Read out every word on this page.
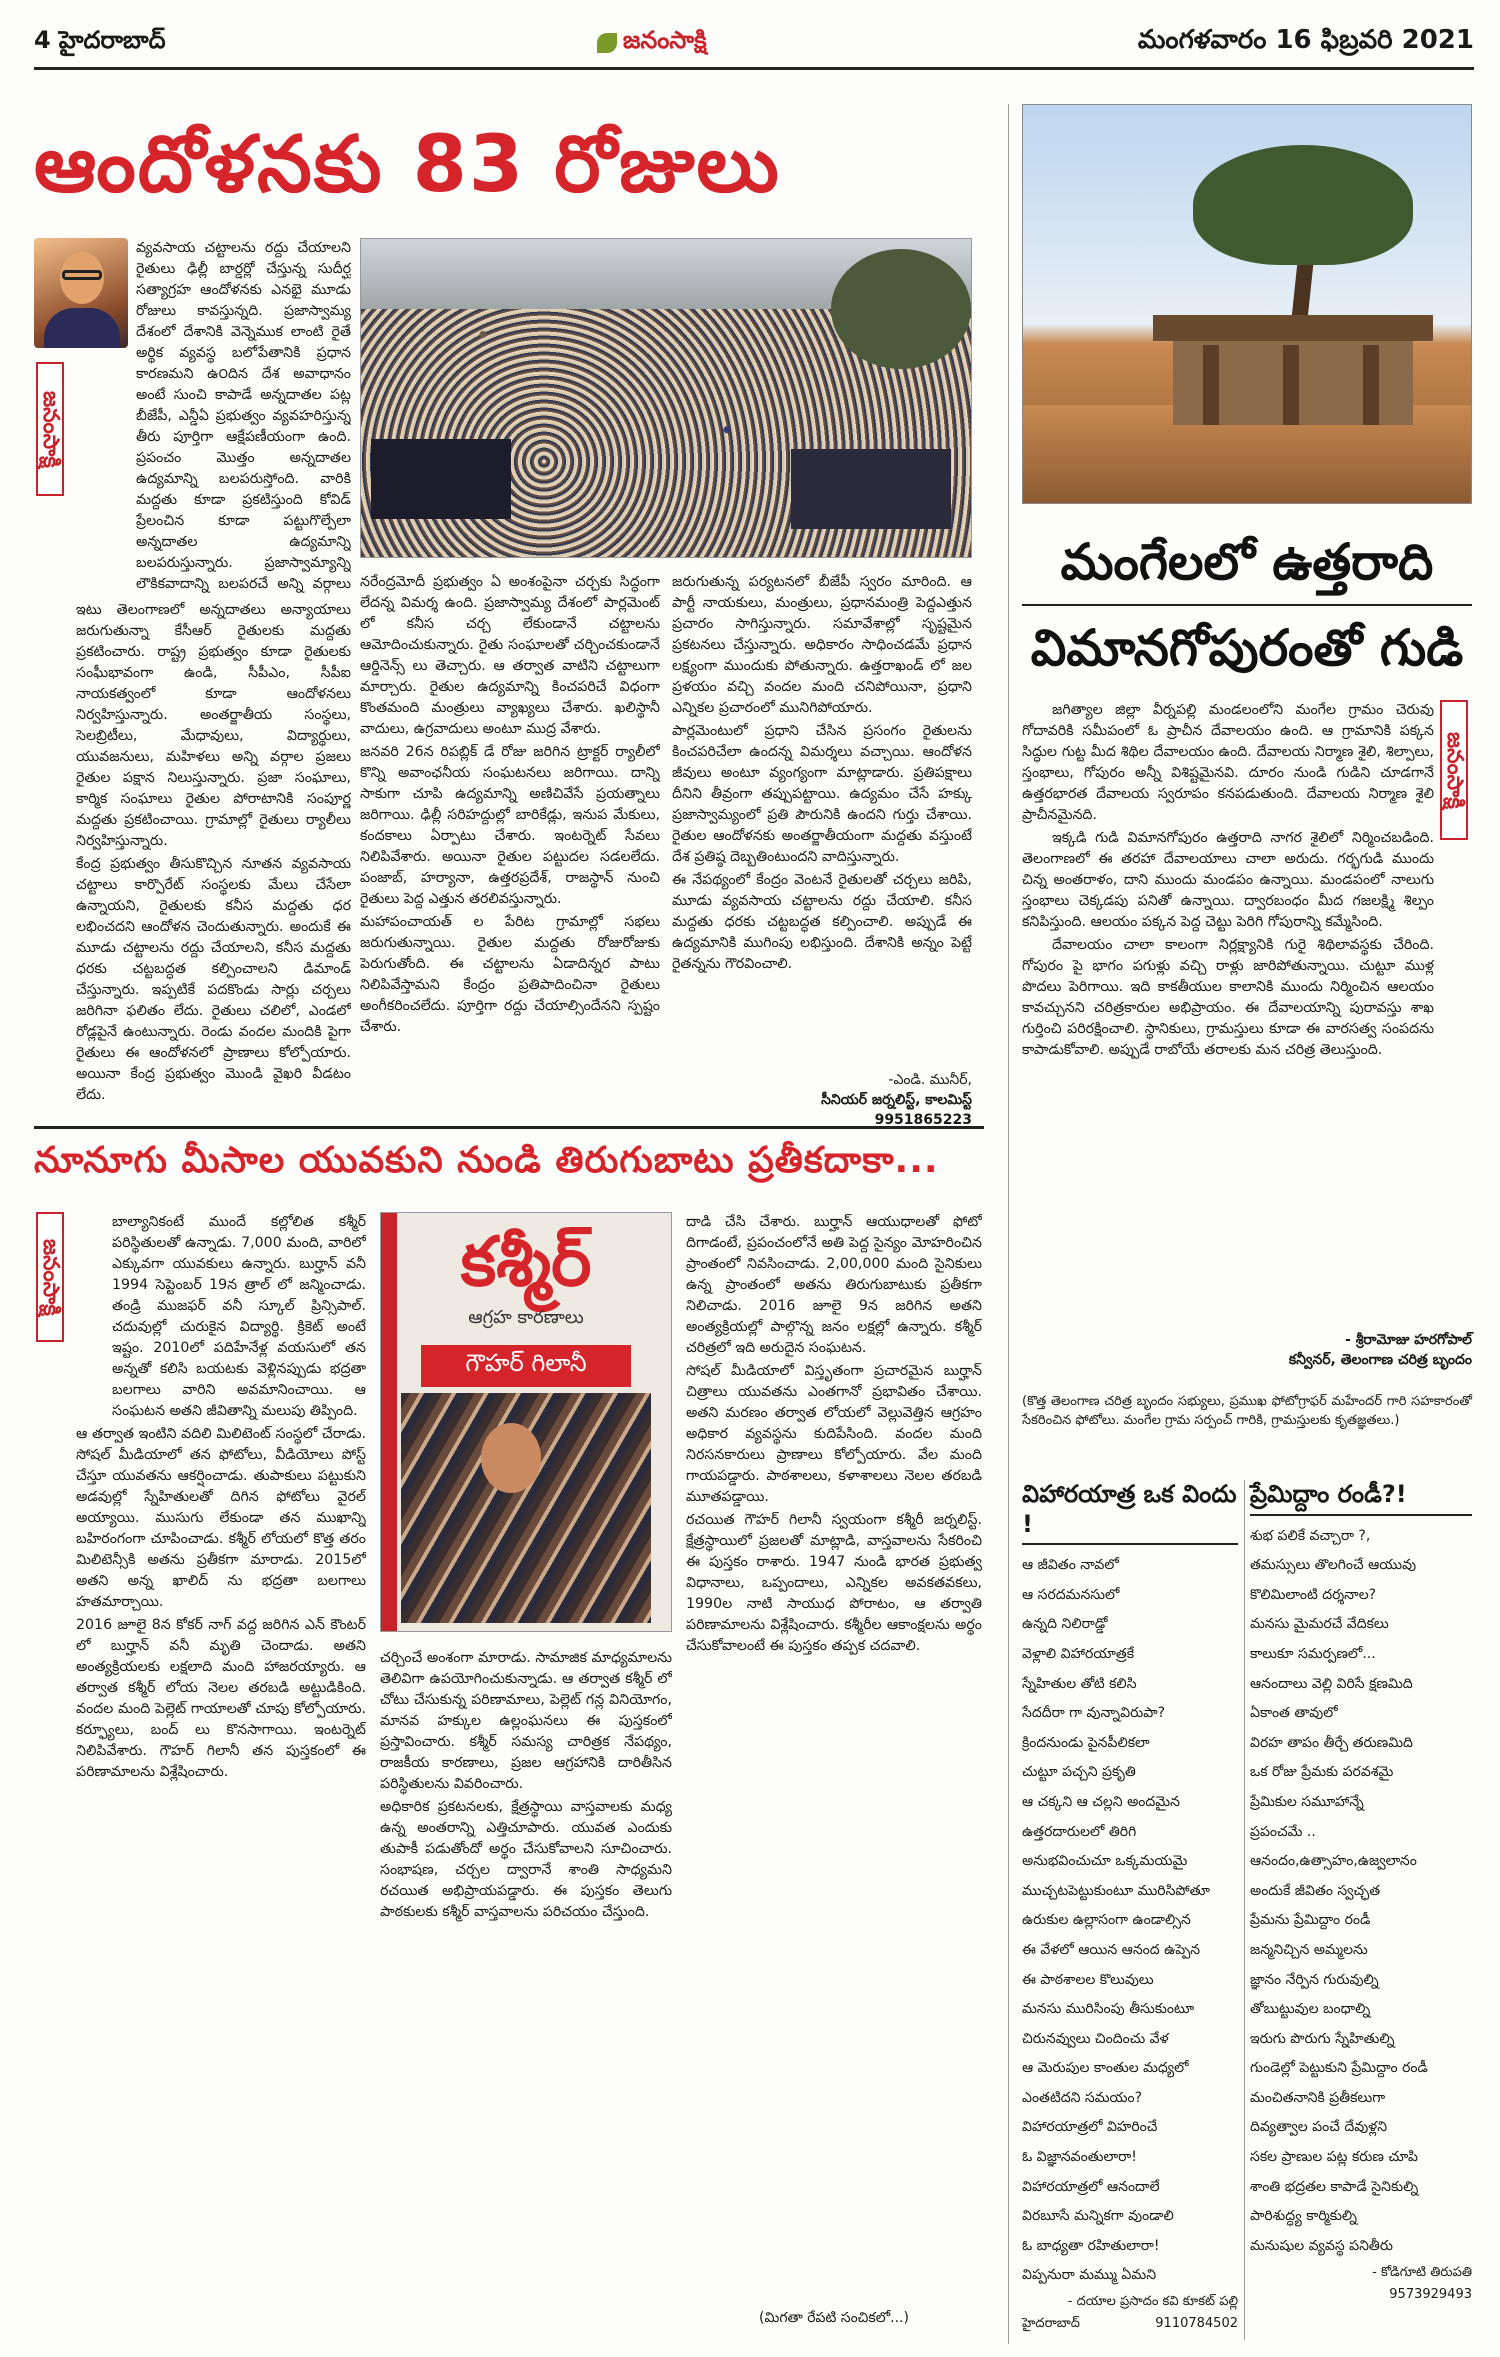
4 హైదరాబాద్	జనంసాక్షి	మంగళవారం 16 ఫిబ్రవరి 2021
ఆందోళనకు 83 రోజులు
జనంసాక్షి

వ్యవసాయ చట్టాలను రద్దు చేయాలని రైతులు ఢిల్లీ బార్డర్లో చేస్తున్న సుదీర్ఘ సత్యాగ్రహ ఆందోళనకు ఎనభై మూడు రోజులు కావస్తున్నది. ప్రజాస్వామ్య దేశంలో దేశానికి వెన్నెముక లాంటి రైతే అర్థిక వ్యవస్థ బలోపేతానికి ప్రధాన కారణమని ఉ౦దిన దేశ అవాధానం అంటే సుంచి కాపాడే అన్నదాతల పట్ల బీజేపీ, ఎన్డీఏ ప్రభుత్వం వ్యవహరిస్తున్న తీరు పూర్తిగా ఆక్షేపణీయంగా ఉంది. ప్రపంచం మొత్తం అన్నదాతల ఉద్యమాన్ని బలపరుస్తోంది. వారికి మద్దతు కూడా ప్రకటిస్తుంది కోవిడ్ ప్రేలంచిన కూడా పట్టుగొల్పేలా అన్నదాతల ఉద్యమాన్ని బలపరుస్తున్నారు. ప్రజాస్వామ్యాన్ని లౌకికవాదాన్ని బలపరచే అన్ని వర్గాలు

ఇటు తెలంగాణలో అన్నదాతలు అన్యాయాలు జరుగుతున్నా కేసీఆర్ రైతులకు మద్దతు ప్రకటించారు. రాష్ట్ర ప్రభుత్వం కూడా రైతులకు సంఘీభావంగా ఉండి, సీపీఎం, సీపీఐ నాయకత్వంలో కూడా ఆందోళనలు నిర్వహిస్తున్నారు. అంతర్జాతీయ సంస్థలు, సెలబ్రిటీలు, మేధావులు, విద్యార్థులు, యువజనులు, మహిళలు అన్ని వర్గాల ప్రజలు రైతుల పక్షాన నిలుస్తున్నారు. ప్రజా సంఘాలు, కార్మిక సంఘాలు రైతుల పోరాటానికి సంపూర్ణ మద్దతు ప్రకటించాయి. గ్రామాల్లో రైతులు ర్యాలీలు నిర్వహిస్తున్నారు.

కేంద్ర ప్రభుత్వం తీసుకొచ్చిన నూతన వ్యవసాయ చట్టాలు కార్పొరేట్ సంస్థలకు మేలు చేసేలా ఉన్నాయని, రైతులకు కనీస మద్దతు ధర లభించదని ఆందోళన చెందుతున్నారు. అందుకే ఈ మూడు చట్టాలను రద్దు చేయాలని, కనీస మద్దతు ధరకు చట్టబద్ధత కల్పించాలని డిమాండ్ చేస్తున్నారు. ఇప్పటికే పదకొండు సార్లు చర్చలు జరిగినా ఫలితం లేదు. రైతులు చలిలో, ఎండలో రోడ్లపైనే ఉంటున్నారు. రెండు వందల మందికి పైగా రైతులు ఈ ఆందోళనలో ప్రాణాలు కోల్పోయారు. అయినా కేంద్ర ప్రభుత్వం మొండి వైఖరి వీడటం లేదు.

నరేంద్రమోదీ ప్రభుత్వం ఏ అంశంపైనా చర్చకు సిద్ధంగా లేదన్న విమర్శ ఉంది. ప్రజాస్వామ్య దేశంలో పార్లమెంట్ లో కనీస చర్చ లేకుండానే చట్టాలను ఆమోదించుకున్నారు. రైతు సంఘాలతో చర్చించకుండానే ఆర్డినెన్స్ లు తెచ్చారు. ఆ తర్వాత వాటిని చట్టాలుగా మార్చారు. రైతుల ఉద్యమాన్ని కించపరిచే విధంగా కొంతమంది మంత్రులు వ్యాఖ్యలు చేశారు. ఖలిస్థానీ వాదులు, ఉగ్రవాదులు అంటూ ముద్ర వేశారు.

జనవరి 26న రిపబ్లిక్ డే రోజు జరిగిన ట్రాక్టర్ ర్యాలీలో కొన్ని అవాంఛనీయ సంఘటనలు జరిగాయి. దాన్ని సాకుగా చూపి ఉద్యమాన్ని అణిచివేసే ప్రయత్నాలు జరిగాయి. ఢిల్లీ సరిహద్దుల్లో బారికేడ్లు, ఇనుప మేకులు, కందకాలు ఏర్పాటు చేశారు. ఇంటర్నెట్ సేవలు నిలిపివేశారు. అయినా రైతుల పట్టుదల సడలలేదు. పంజాబ్, హర్యానా, ఉత్తరప్రదేశ్, రాజస్థాన్ నుంచి రైతులు పెద్ద ఎత్తున తరలివస్తున్నారు.

మహాపంచాయత్ ల పేరిట గ్రామాల్లో సభలు జరుగుతున్నాయి. రైతుల మద్దతు రోజురోజుకు పెరుగుతోంది. ఈ చట్టాలను ఏడాదిన్నర పాటు నిలిపివేస్తామని కేంద్రం ప్రతిపాదించినా రైతులు అంగీకరించలేదు. పూర్తిగా రద్దు చేయాల్సిందేనని స్పష్టం చేశారు.

జరుగుతున్న పర్యటనలో బీజేపీ స్వరం మారింది. ఆ పార్టీ నాయకులు, మంత్రులు, ప్రధానమంత్రి పెద్దఎత్తున ప్రచారం సాగిస్తున్నారు. సమావేశాల్లో సృష్టమైన ప్రకటనలు చేస్తున్నారు. అధికారం సాధించడమే ప్రధాన లక్ష్యంగా ముందుకు పోతున్నారు. ఉత్తరాఖండ్ లో జల ప్రళయం వచ్చి వందల మంది చనిపోయినా, ప్రధాని ఎన్నికల ప్రచారంలో మునిగిపోయారు.

పార్లమెంటులో ప్రధాని చేసిన ప్రసంగం రైతులను కించపరిచేలా ఉందన్న విమర్శలు వచ్చాయి. ఆందోళన జీవులు అంటూ వ్యంగ్యంగా మాట్లాడారు. ప్రతిపక్షాలు దీనిని తీవ్రంగా తప్పుపట్టాయి. ఉద్యమం చేసే హక్కు ప్రజాస్వామ్యంలో ప్రతి పౌరునికి ఉందని గుర్తు చేశాయి. రైతుల ఆందోళనకు అంతర్జాతీయంగా మద్దతు వస్తుంటే దేశ ప్రతిష్ఠ దెబ్బతింటుందని వాదిస్తున్నారు.

ఈ నేపథ్యంలో కేంద్రం వెంటనే రైతులతో చర్చలు జరిపి, మూడు వ్యవసాయ చట్టాలను రద్దు చేయాలి. కనీస మద్దతు ధరకు చట్టబద్ధత కల్పించాలి. అప్పుడే ఈ ఉద్యమానికి ముగింపు లభిస్తుంది. దేశానికి అన్నం పెట్టే రైతన్నను గౌరవించాలి.

-ఎండి. మునీర్,
సీనియర్ జర్నలిస్ట్, కాలమిస్ట్
9951865223
మంగేలలో ఉత్తరాది
విమానగోపురంతో గుడి
జనంసాక్షి

జగిత్యాల జిల్లా వీర్నపల్లి మండలంలోని మంగేల గ్రామం చెరువు గోదావరికి సమీపంలో ఓ ప్రాచీన దేవాలయం ఉంది. ఆ గ్రామానికి పక్కన సిద్ధుల గుట్ట మీద శిథిల దేవాలయం ఉంది. దేవాలయ నిర్మాణ శైలి, శిల్పాలు, స్తంభాలు, గోపురం అన్నీ విశిష్టమైనవి. దూరం నుండి గుడిని చూడగానే ఉత్తరభారత దేవాలయ స్వరూపం కనపడుతుంది. దేవాలయ నిర్మాణ శైలి ప్రాచీనమైనది.

ఇక్కడి గుడి విమానగోపురం ఉత్తరాది నాగర శైలిలో నిర్మించబడింది. తెలంగాణలో ఈ తరహా దేవాలయాలు చాలా అరుదు. గర్భగుడి ముందు చిన్న అంతరాళం, దాని ముందు మండపం ఉన్నాయి. మండపంలో నాలుగు స్తంభాలు చెక్కడపు పనితో ఉన్నాయి. ద్వారబంధం మీద గజలక్ష్మి శిల్పం కనిపిస్తుంది. ఆలయం పక్కన పెద్ద చెట్టు పెరిగి గోపురాన్ని కమ్మేసింది.

దేవాలయం చాలా కాలంగా నిర్లక్ష్యానికి గురై శిథిలావస్థకు చేరింది. గోపురం పై భాగం పగుళ్లు వచ్చి రాళ్లు జారిపోతున్నాయి. చుట్టూ ముళ్ల పొదలు పెరిగాయి. ఇది కాకతీయుల కాలానికి ముందు నిర్మించిన ఆలయం కావచ్చునని చరిత్రకారుల అభిప్రాయం. ఈ దేవాలయాన్ని పురావస్తు శాఖ గుర్తించి పరిరక్షించాలి. స్థానికులు, గ్రామస్తులు కూడా ఈ వారసత్వ సంపదను కాపాడుకోవాలి. అప్పుడే రాబోయే తరాలకు మన చరిత్ర తెలుస్తుంది.

- శ్రీరామోజు హరగోపాల్
కన్వీనర్, తెలంగాణ చరిత్ర బృందం
(కొత్త తెలంగాణ చరిత్ర బృందం సభ్యులు, ప్రముఖ ఫోటోగ్రాఫర్ మహేందర్ గారి సహకారంతో సేకరించిన ఫోటోలు. మంగేల గ్రామ సర్పంచ్ గారికి, గ్రామస్తులకు కృతజ్ఞతలు.)
నూనూగు మీసాల యువకుని నుండి తిరుగుబాటు ప్రతీకదాకా...
జనంసాక్షి

బాల్యానికంటే ముందే కల్లోలిత కశ్మీర్ పరిస్థితులతో ఉన్నాడు. 7,000 మంది, వారిలో ఎక్కువగా యువకులు ఉన్నారు. బుర్హాన్ వనీ 1994 సెప్టెంబర్ 19న త్రాల్ లో జన్మించాడు. తండ్రి ముజఫర్ వనీ స్కూల్ ప్రిన్సిపాల్. చదువుల్లో చురుకైన విద్యార్థి. క్రికెట్ అంటే ఇష్టం. 2010లో పదిహేనేళ్ల వయసులో తన అన్నతో కలిసి బయటకు వెళ్లినప్పుడు భద్రతా బలగాలు వారిని అవమానించాయి. ఆ సంఘటన అతని జీవితాన్ని మలుపు తిప్పింది.

ఆ తర్వాత ఇంటిని వదిలి మిలిటెంట్ సంస్థలో చేరాడు. సోషల్ మీడియాలో తన ఫోటోలు, వీడియోలు పోస్ట్ చేస్తూ యువతను ఆకర్షించాడు. తుపాకులు పట్టుకుని అడవుల్లో స్నేహితులతో దిగిన ఫోటోలు వైరల్ అయ్యాయి. ముసుగు లేకుండా తన ముఖాన్ని బహిరంగంగా చూపించాడు. కశ్మీర్ లోయలో కొత్త తరం మిలిటెన్సీకి అతను ప్రతీకగా మారాడు. 2015లో అతని అన్న ఖాలిద్ ను భద్రతా బలగాలు హతమార్చాయి.

2016 జూలై 8న కోకర్ నాగ్ వద్ద జరిగిన ఎన్ కౌంటర్ లో బుర్హాన్ వనీ మృతి చెందాడు. అతని అంత్యక్రియలకు లక్షలాది మంది హాజరయ్యారు. ఆ తర్వాత కశ్మీర్ లోయ నెలల తరబడి అట్టుడికింది. వందల మంది పెల్లెట్ గాయాలతో చూపు కోల్పోయారు. కర్ఫ్యూలు, బంద్ లు కొనసాగాయి. ఇంటర్నెట్ నిలిపివేశారు. గౌహర్ గిలానీ తన పుస్తకంలో ఈ పరిణామాలను విశ్లేషించారు.

కశ్మీర్
ఆగ్రహ కారణాలు
గౌహర్ గిలానీ

చర్చించే అంశంగా మారాడు. సామాజిక మాధ్యమాలను తెలివిగా ఉపయోగించుకున్నాడు. ఆ తర్వాత కశ్మీర్ లో చోటు చేసుకున్న పరిణామాలు, పెల్లెట్ గన్ల వినియోగం, మానవ హక్కుల ఉల్లంఘనలు ఈ పుస్తకంలో ప్రస్తావించారు. కశ్మీర్ సమస్య చారిత్రక నేపథ్యం, రాజకీయ కారణాలు, ప్రజల ఆగ్రహానికి దారితీసిన పరిస్థితులను వివరించారు.

అధికారిక ప్రకటనలకు, క్షేత్రస్థాయి వాస్తవాలకు మధ్య ఉన్న అంతరాన్ని ఎత్తిచూపారు. యువత ఎందుకు తుపాకీ పడుతోందో అర్థం చేసుకోవాలని సూచించారు. సంభాషణ, చర్చల ద్వారానే శాంతి సాధ్యమని రచయిత అభిప్రాయపడ్డారు. ఈ పుస్తకం తెలుగు పాఠకులకు కశ్మీర్ వాస్తవాలను పరిచయం చేస్తుంది.

దాడి చేసి చేశారు. బుర్హాన్ ఆయుధాలతో ఫోటో దిగాడంటే, ప్రపంచంలోనే అతి పెద్ద సైన్యం మోహరించిన ప్రాంతంలో నివసించాడు. 2,00,000 మంది సైనికులు ఉన్న ప్రాంతంలో అతను తిరుగుబాటుకు ప్రతీకగా నిలిచాడు. 2016 జూలై 9న జరిగిన అతని అంత్యక్రియల్లో పాల్గొన్న జనం లక్షల్లో ఉన్నారు. కశ్మీర్ చరిత్రలో ఇది అరుదైన సంఘటన.

సోషల్ మీడియాలో విస్తృతంగా ప్రచారమైన బుర్హాన్ చిత్రాలు యువతను ఎంతగానో ప్రభావితం చేశాయి. అతని మరణం తర్వాత లోయలో వెల్లువెత్తిన ఆగ్రహం అధికార వ్యవస్థను కుదిపేసింది. వందల మంది నిరసనకారులు ప్రాణాలు కోల్పోయారు. వేల మంది గాయపడ్డారు. పాఠశాలలు, కళాశాలలు నెలల తరబడి మూతపడ్డాయి.

రచయిత గౌహర్ గిలానీ స్వయంగా కశ్మీరీ జర్నలిస్ట్. క్షేత్రస్థాయిలో ప్రజలతో మాట్లాడి, వాస్తవాలను సేకరించి ఈ పుస్తకం రాశారు. 1947 నుండి భారత ప్రభుత్వ విధానాలు, ఒప్పందాలు, ఎన్నికల అవకతవకలు, 1990ల నాటి సాయుధ పోరాటం, ఆ తర్వాతి పరిణామాలను విశ్లేషించారు. కశ్మీరీల ఆకాంక్షలను అర్థం చేసుకోవాలంటే ఈ పుస్తకం తప్పక చదవాలి.

(మిగతా రేపటి సంచికలో...)
విహారయాత్ర ఒక విందు !
ఆ జీవితం నావలో
ఆ సరదమనసులో
ఉన్నది నిలిరాడ్డో
వెళ్లాలి విహారయాత్రకే
స్నేహితుల తోటి కలిసి
సేదదీరా గా వున్నావిరుపా?
క్రిందనుండు పైనపీలికలా
చుట్టూ పచ్చని ప్రకృతి
ఆ చక్కని ఆ చల్లని అందమైన
ఉత్తరదారులలో తిరిగి
అనుభవించుచూ ఒక్కమయమై
ముచ్చటపెట్టుకుంటూ మురిసిపోతూ
ఉరుకుల ఉల్లాసంగా ఉండాల్సిన
ఈ వేళలో ఆయిన ఆనంద ఉప్పెన
ఈ పాఠశాలల కొలువులు
మనసు మురిసింపు తీసుకుంటూ
చిరునవ్వులు చిందించు వేళ
ఆ మెరుపుల కాంతుల మధ్యలో
ఎంతటిదని సమయం?
విహారయాత్రలో విహరించే
ఓ విజ్ఞానవంతులారా!
విహారయాత్రలో ఆనందాలే
విరబూసే మన్నికగా వుండాలి
ఓ బాధ్యతా రహితులారా!
విప్పనురా మమ్ము ఏమని
- దయాల ప్రసాదం కవి కూకట్ పల్లి
హైదరాబాద్	9110784502
ప్రేమిద్దాం రండీ?!
శుభ పలికే వచ్చారా ?,
తమస్సులు తొలగించే ఆయువు
కొలిమిలాంటి దర్శనాల?
మనసు మైమరచే వేదికలు
కాలుకూ సమర్పణలో...
ఆనందాలు వెల్లి విరిసే క్షణమిది
ఏకాంత తావులో
విరహ తాపం తీర్చే తరుణమిది
ఒక రోజు ప్రేమకు పరవశమై
ప్రేమికుల సమూహాన్నే
ప్రపంచమే ..
ఆనందం,ఉత్సాహం,ఉజ్వలానం
అందుకే జీవితం స్వచ్ఛత
ప్రేమను ప్రేమిద్దాం రండీ
జన్మనిచ్చిన అమ్మలను
జ్ఞానం నేర్పిన గురువుల్ని
తోబుట్టువుల బంధాల్ని
ఇరుగు పొరుగు స్నేహితుల్ని
గుండెల్లో పెట్టుకుని ప్రేమిద్దాం రండీ
మంచితనానికి ప్రతీకలుగా
దివ్యత్వాల పంచే దేవుళ్లని
సకల ప్రాణుల పట్ల కరుణ చూపి
శాంతి భద్రతల కాపాడే సైనికుల్ని
పారిశుద్ధ్య కార్మికుల్ని
మనుషుల వ్యవస్థ పనితీరు
- కోడిగూటి తిరుపతి
9573929493
